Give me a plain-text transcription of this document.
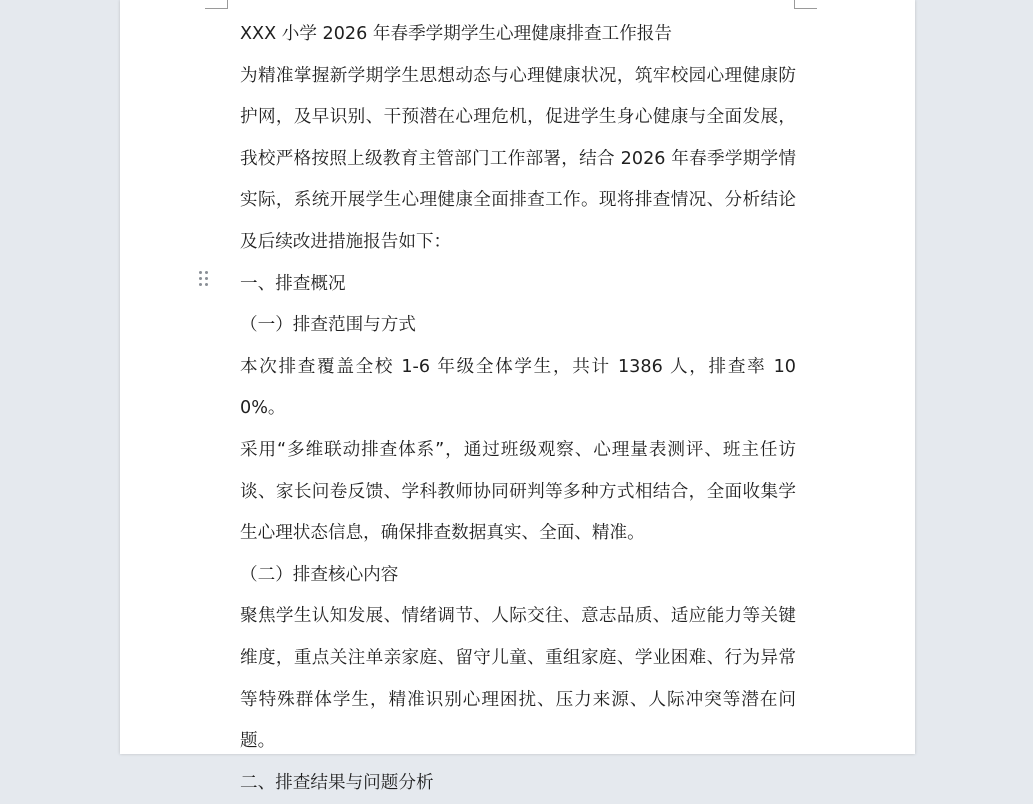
XXX 小学 2026 年春季学期学生心理健康排查工作报告

为精准掌握新学期学生思想动态与心理健康状况，筑牢校园心理健康防护网，及早识别、干预潜在心理危机，促进学生身心健康与全面发展，我校严格按照上级教育主管部门工作部署，结合 2026 年春季学期学情实际，系统开展学生心理健康全面排查工作。现将排查情况、分析结论及后续改进措施报告如下：

一、排查概况

（一）排查范围与方式

本次排查覆盖全校 1-6 年级全体学生，共计 1386 人，排查率 100%。

采用“多维联动排查体系”，通过班级观察、心理量表测评、班主任访谈、家长问卷反馈、学科教师协同研判等多种方式相结合，全面收集学生心理状态信息，确保排查数据真实、全面、精准。

（二）排查核心内容

聚焦学生认知发展、情绪调节、人际交往、意志品质、适应能力等关键维度，重点关注单亲家庭、留守儿童、重组家庭、学业困难、行为异常等特殊群体学生，精准识别心理困扰、压力来源、人际冲突等潜在问题。

二、排查结果与问题分析
